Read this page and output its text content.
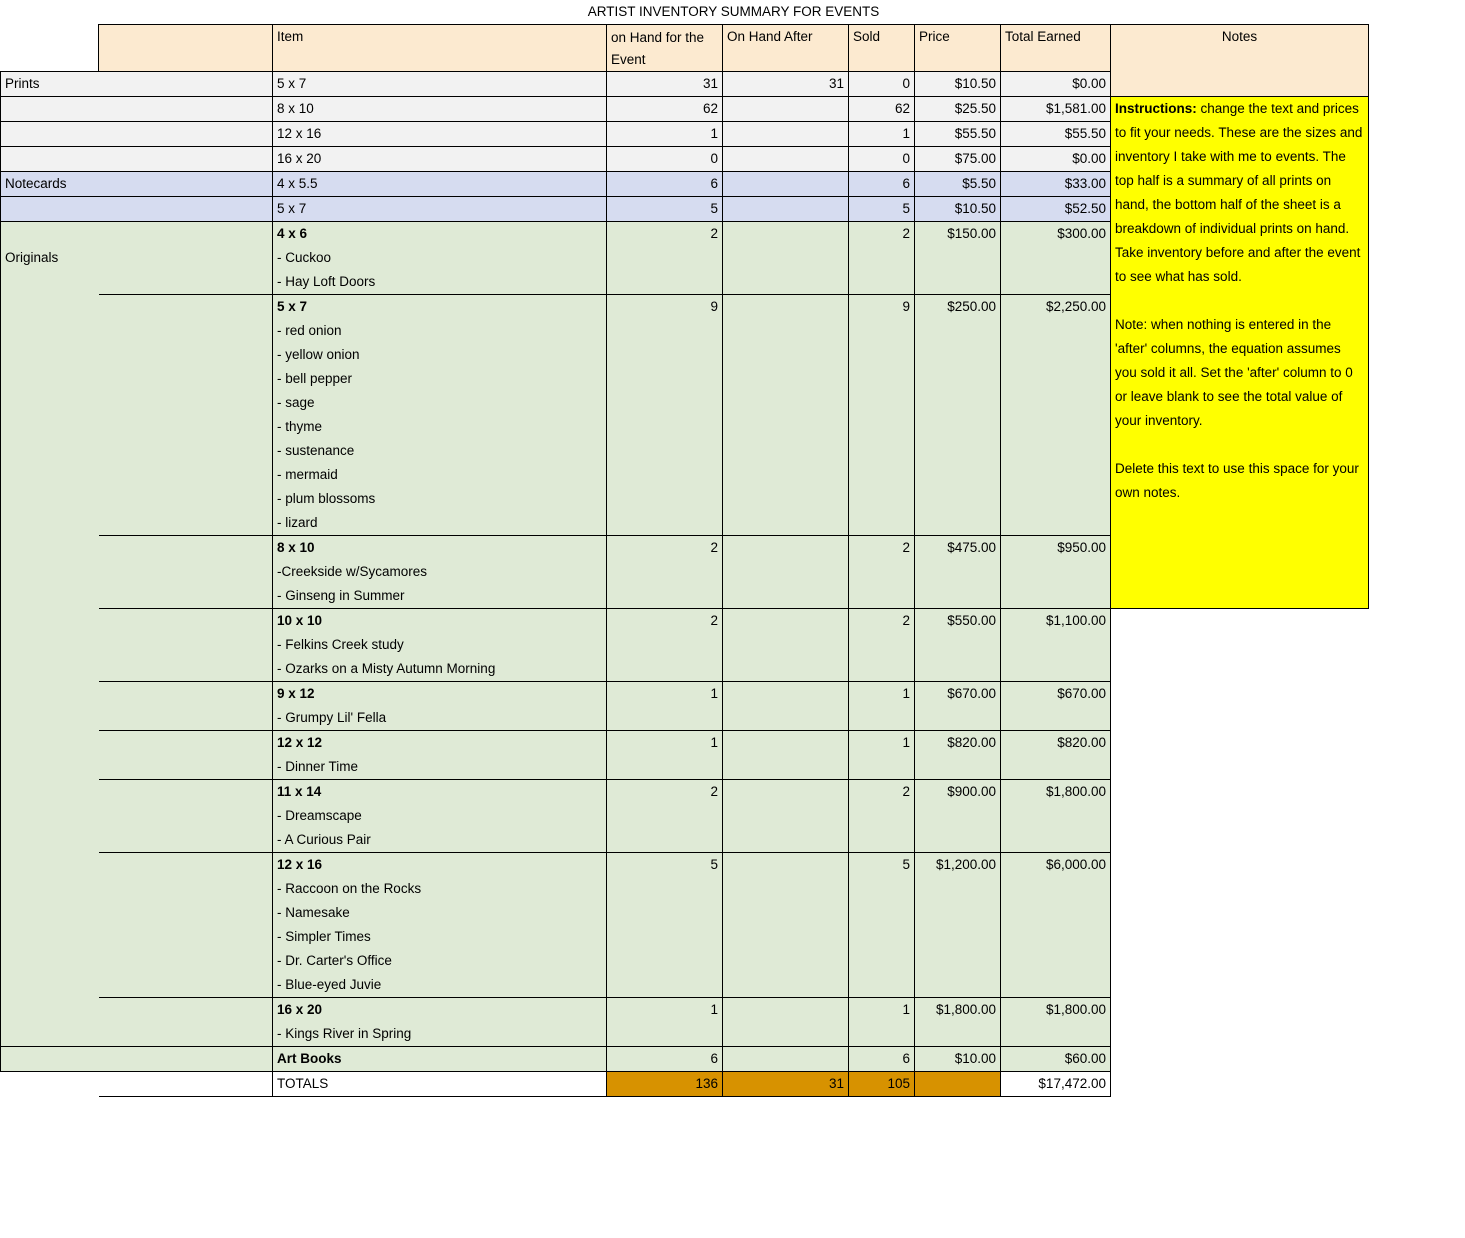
	ARTIST INVENTORY SUMMARY FOR EVENTS							
		Item	on Hand for the Event	On Hand After	Sold	Price	Total Earned	Notes
Prints		5 x 7	31	31	0	$10.50	$0.00	
		8 x 10	62		62	$25.50	$1,581.00	Instructions: change the text and prices to fit your needs. These are the sizes and inventory I take with me to events. The top half is a summary of all prints on hand, the bottom half of the sheet is a breakdown of individual prints on hand. Take inventory before and after the event to see what has sold.
Note: when nothing is entered in the 'after' columns, the equation assumes you sold it all. Set the 'after' column to 0 or leave blank to see the total value of your inventory.
Delete this text to use this space for your own notes.

		12 x 16	1		1	$55.50	$55.50	
		16 x 20	0		0	$75.00	$0.00	
Notecards		4 x 5.5	6		6	$5.50	$33.00	
		5 x 7	5		5	$10.50	$52.50	
Originals		4 x 6
- Cuckoo
- Hay Loft Doors	2		2	$150.00	$300.00	

5 x 7
- red onion
- yellow onion
- bell pepper
- sage
- thyme
- sustenance
- mermaid
- plum blossoms
- lizard
	9		9	$250.00	$2,250.00

		8 x 10
-Creekside w/Sycamores
- Ginseng in Summer	2		2	$475.00	$950.00	

		10 x 10
- Felkins Creek study
- Ozarks on a Misty Autumn Morning	2		2	$550.00	$1,100.00	

		9 x 12
- Grumpy Lil' Fella	1		1	$670.00	$670.00	

		12 x 12
- Dinner Time	1		1	$820.00	$820.00	

		11 x 14
- Dreamscape
- A Curious Pair	2		2	$900.00	$1,800.00	

12 x 16
- Raccoon on the Rocks
- Namesake
- Simpler Times
- Dr. Carter's Office
- Blue-eyed Juvie
	5		5	$1,200.00	$6,000.00	

		16 x 20
- Kings River in Spring	1		1	$1,800.00	$1,800.00	

		Art Books	6		6	$10.00	$60.00	
		TOTALS	136	31	105		$17,472.00	
